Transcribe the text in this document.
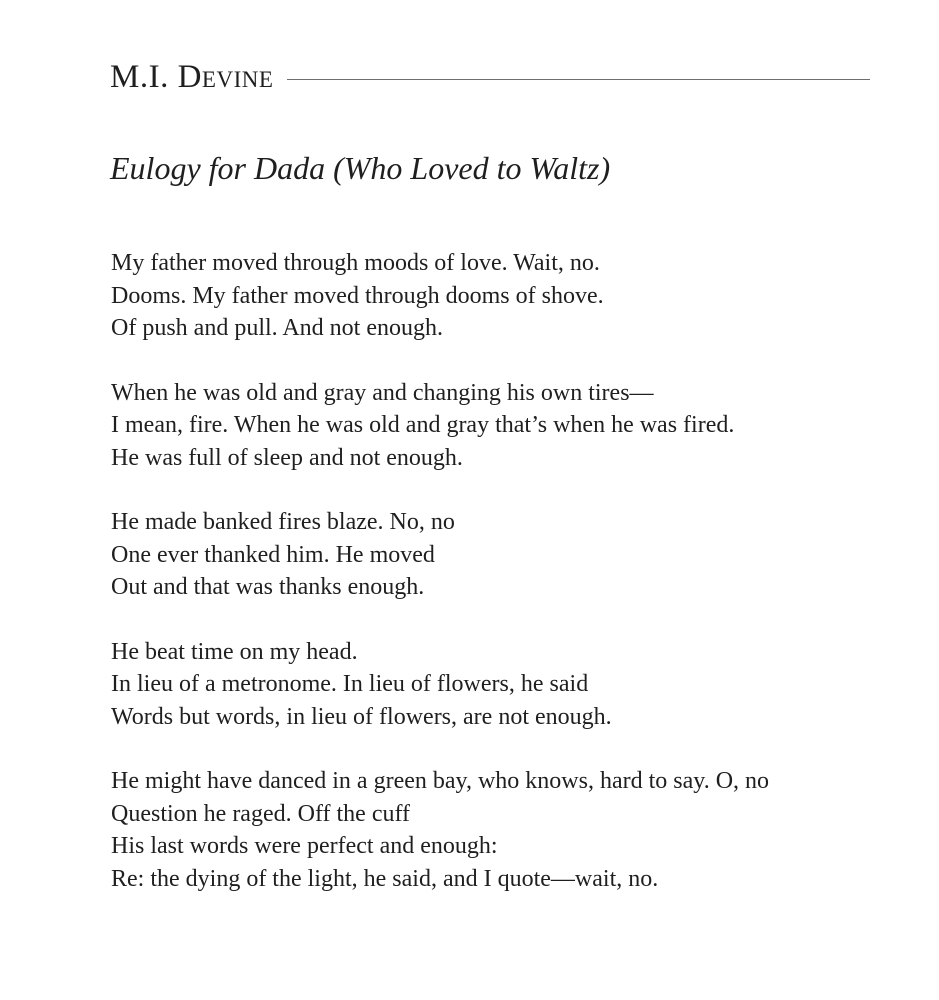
M.I. Devine
Eulogy for Dada (Who Loved to Waltz)
My father moved through moods of love. Wait, no.
Dooms. My father moved through dooms of shove.
Of push and pull. And not enough.
When he was old and gray and changing his own tires—
I mean, fire. When he was old and gray that’s when he was fired.
He was full of sleep and not enough.
He made banked fires blaze. No, no
One ever thanked him. He moved
Out and that was thanks enough.
He beat time on my head.
In lieu of a metronome. In lieu of flowers, he said
Words but words, in lieu of flowers, are not enough.
He might have danced in a green bay, who knows, hard to say. O, no
Question he raged. Off the cuff
His last words were perfect and enough:
Re: the dying of the light, he said, and I quote—wait, no.
